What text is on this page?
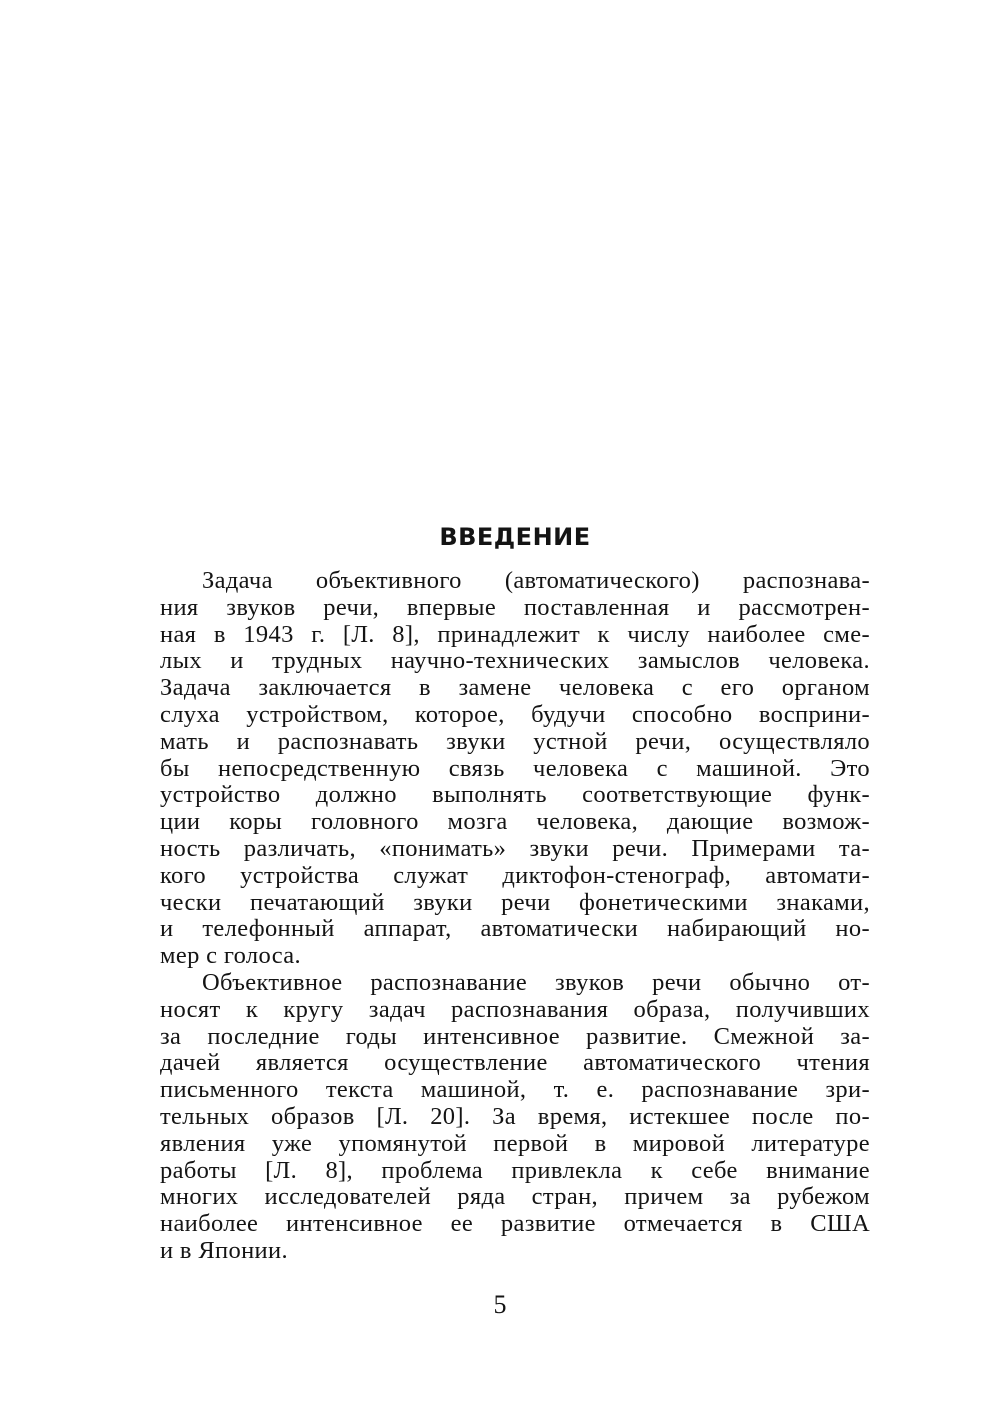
ВВЕДЕНИЕ

Задача объективного (автоматического) распознава-
ния звуков речи, впервые поставленная и рассмотрен-
ная в 1943 г. [Л. 8], принадлежит к числу наиболее сме-
лых и трудных научно-технических замыслов человека.
Задача заключается в замене человека с его органом
слуха устройством, которое, будучи способно восприни-
мать и распознавать звуки устной речи, осуществляло
бы непосредственную связь человека с машиной. Это
устройство должно выполнять соответствующие функ-
ции коры головного мозга человека, дающие возмож-
ность различать, «понимать» звуки речи. Примерами та-
кого устройства служат диктофон-стенограф, автомати-
чески печатающий звуки речи фонетическими знаками,
и телефонный аппарат, автоматически набирающий но-
мер с голоса.

Объективное распознавание звуков речи обычно от-
носят к кругу задач распознавания образа, получивших
за последние годы интенсивное развитие. Смежной за-
дачей является осуществление автоматического чтения
письменного текста машиной, т. е. распознавание зри-
тельных образов [Л. 20]. За время, истекшее после по-
явления уже упомянутой первой в мировой литературе
работы [Л. 8], проблема привлекла к себе внимание
многих исследователей ряда стран, причем за рубежом
наиболее интенсивное ее развитие отмечается в США
и в Японии.

5
